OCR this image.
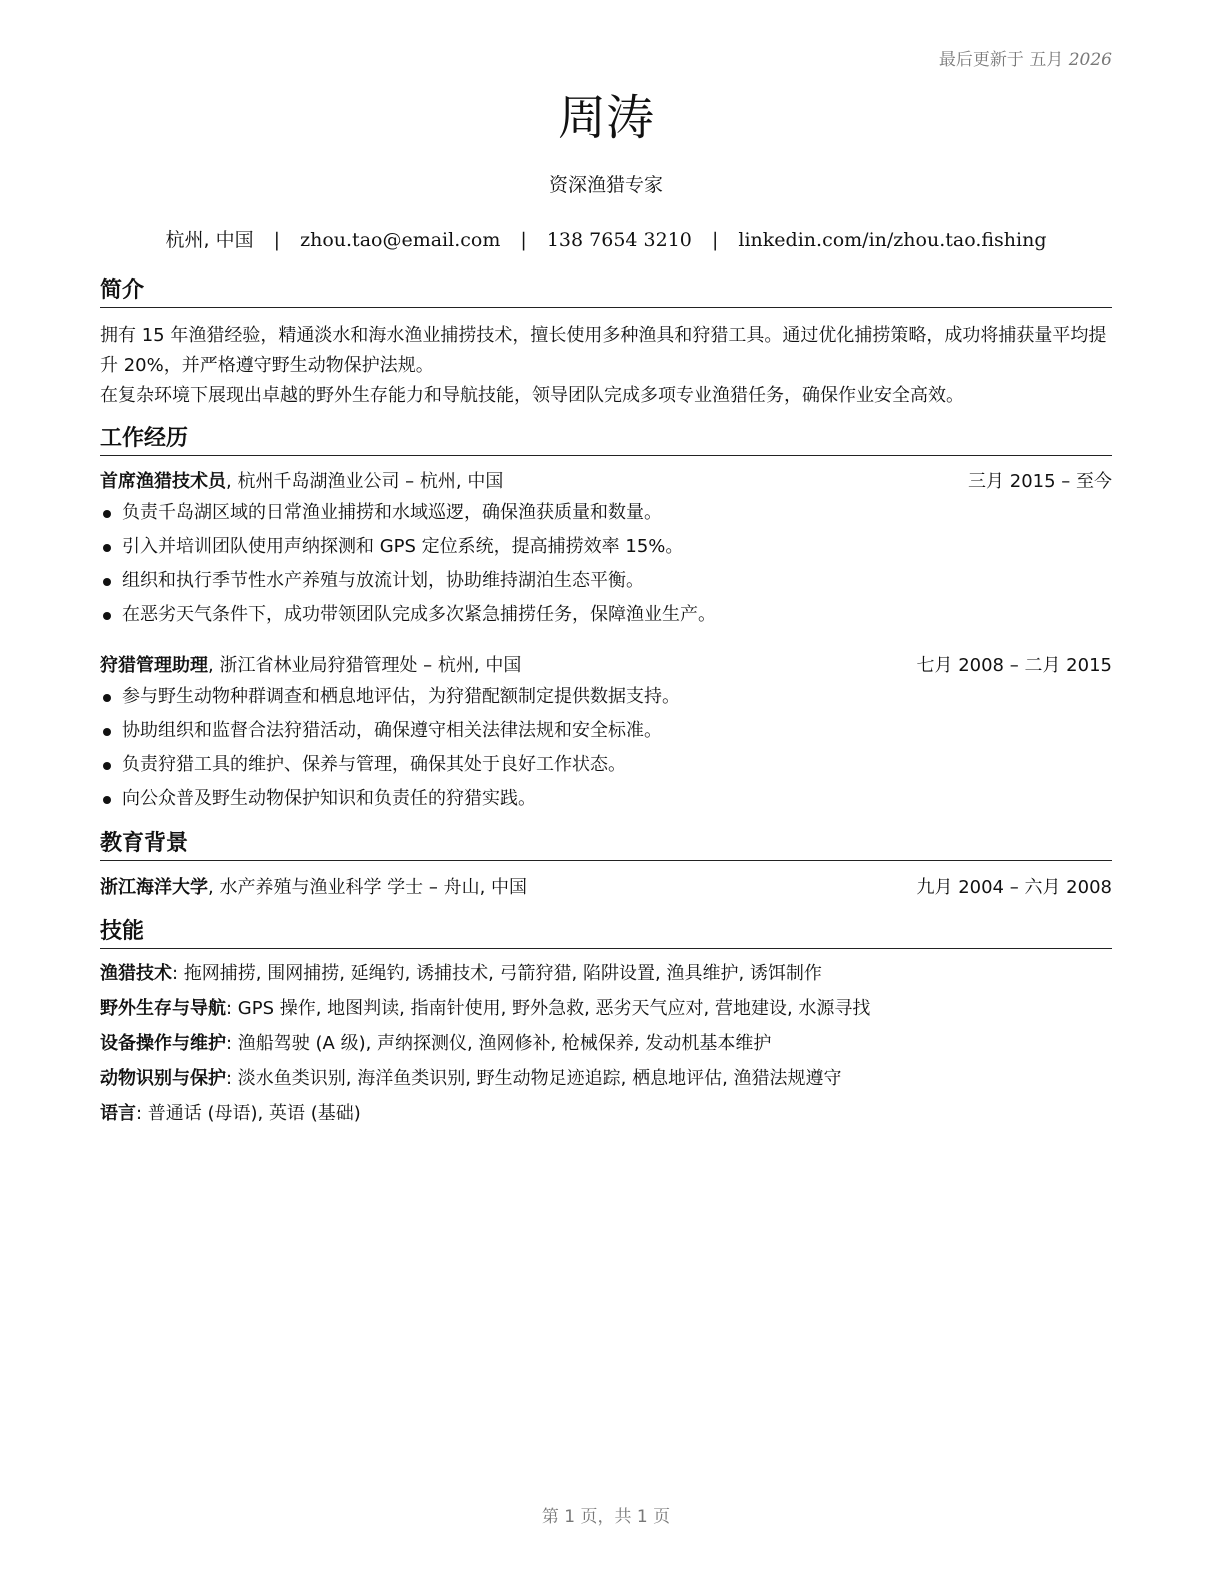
最后更新于 五月 2026
周涛
资深渔猎专家
杭州, 中国 | zhou.tao@email.com | 138 7654 3210 | linkedin.com/in/zhou.tao.fishing
简介
拥有 15 年渔猎经验，精通淡水和海水渔业捕捞技术，擅长使用多种渔具和狩猎工具。通过优化捕捞策略，成功将捕获量平均提升 20%，并严格遵守野生动物保护法规。
在复杂环境下展现出卓越的野外生存能力和导航技能，领导团队完成多项专业渔猎任务，确保作业安全高效。
工作经历
首席渔猎技术员, 杭州千岛湖渔业公司 – 杭州, 中国	三月 2015 – 至今
负责千岛湖区域的日常渔业捕捞和水域巡逻，确保渔获质量和数量。
引入并培训团队使用声纳探测和 GPS 定位系统，提高捕捞效率 15%。
组织和执行季节性水产养殖与放流计划，协助维持湖泊生态平衡。
在恶劣天气条件下，成功带领团队完成多次紧急捕捞任务，保障渔业生产。
狩猎管理助理, 浙江省林业局狩猎管理处 – 杭州, 中国	七月 2008 – 二月 2015
参与野生动物种群调查和栖息地评估，为狩猎配额制定提供数据支持。
协助组织和监督合法狩猎活动，确保遵守相关法律法规和安全标准。
负责狩猎工具的维护、保养与管理，确保其处于良好工作状态。
向公众普及野生动物保护知识和负责任的狩猎实践。
教育背景
浙江海洋大学, 水产养殖与渔业科学 学士 – 舟山, 中国	九月 2004 – 六月 2008
技能
渔猎技术: 拖网捕捞, 围网捕捞, 延绳钓, 诱捕技术, 弓箭狩猎, 陷阱设置, 渔具维护, 诱饵制作
野外生存与导航: GPS 操作, 地图判读, 指南针使用, 野外急救, 恶劣天气应对, 营地建设, 水源寻找
设备操作与维护: 渔船驾驶 (A 级), 声纳探测仪, 渔网修补, 枪械保养, 发动机基本维护
动物识别与保护: 淡水鱼类识别, 海洋鱼类识别, 野生动物足迹追踪, 栖息地评估, 渔猎法规遵守
语言: 普通话 (母语), 英语 (基础)
第 1 页，共 1 页
